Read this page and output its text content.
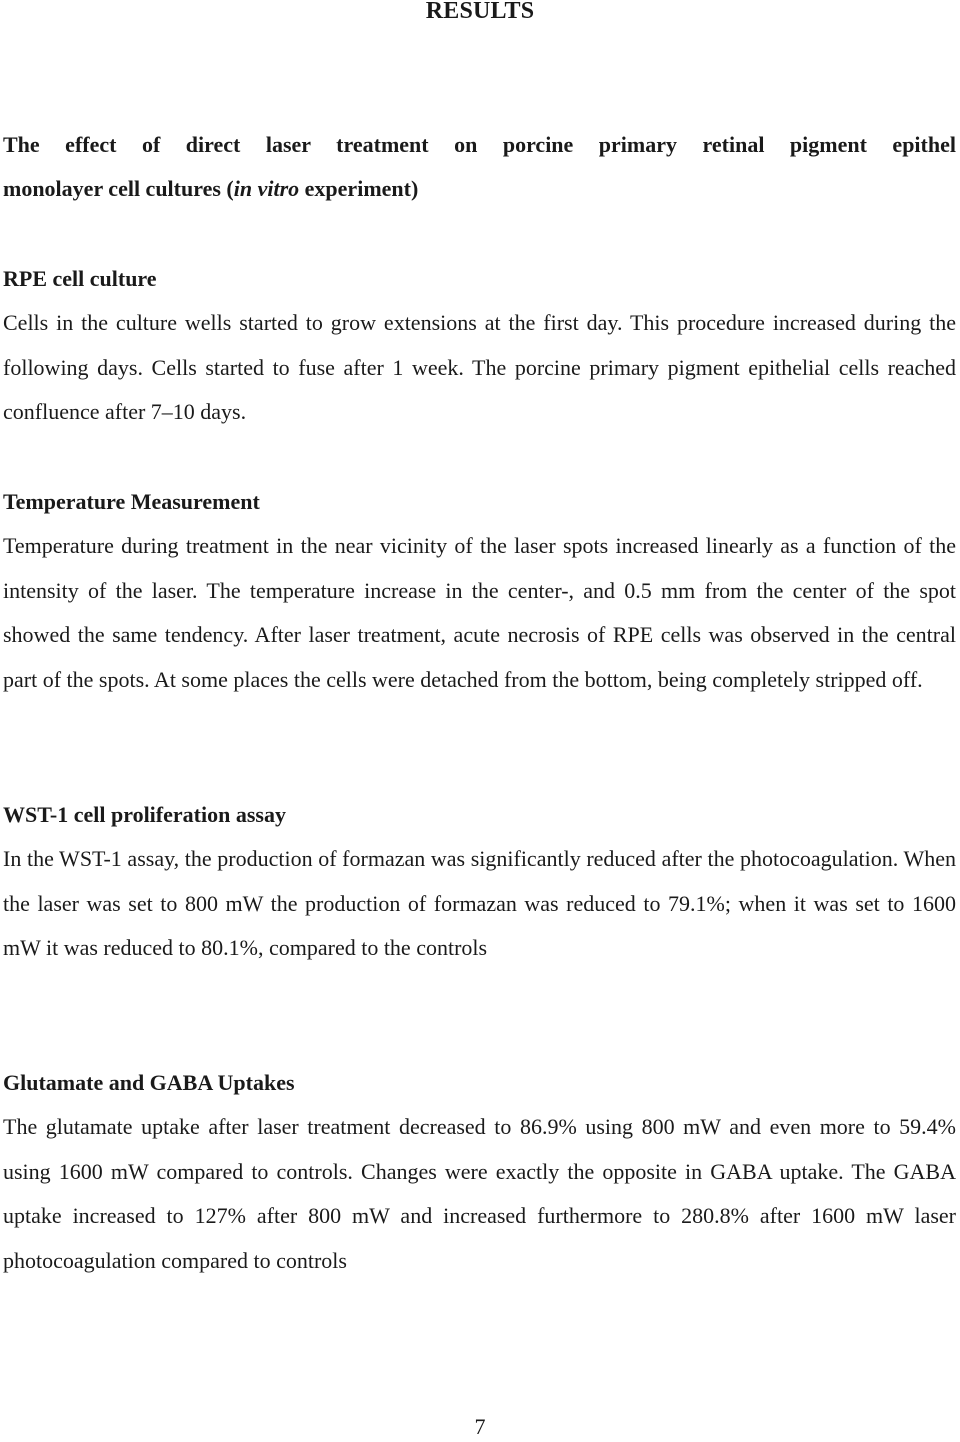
RESULTS
The effect of direct laser treatment on porcine primary retinal pigment epithel

monolayer cell cultures (in vitro experiment)

RPE cell culture

Cells in the culture wells started to grow extensions at the first day. This procedure increased during the following days. Cells started to fuse after 1 week. The porcine primary pigment epithelial cells reached confluence after 7–10 days.

Temperature Measurement

Temperature during treatment in the near vicinity of the laser spots increased linearly as a function of the intensity of the laser. The temperature increase in the center-, and 0.5 mm from the center of the spot showed the same tendency. After laser treatment, acute necrosis of RPE cells was observed in the central part of the spots. At some places the cells were detached from the bottom, being completely stripped off.

WST-1 cell proliferation assay

In the WST-1 assay, the production of formazan was significantly reduced after the photocoagulation. When the laser was set to 800 mW the production of formazan was reduced to 79.1%; when it was set to 1600 mW it was reduced to 80.1%, compared to the controls

Glutamate and GABA Uptakes

The glutamate uptake after laser treatment decreased to 86.9% using 800 mW and even more to 59.4% using 1600 mW compared to controls. Changes were exactly the opposite in GABA uptake. The GABA uptake increased to 127% after 800 mW and increased furthermore to 280.8% after 1600 mW laser photocoagulation compared to controls

7
